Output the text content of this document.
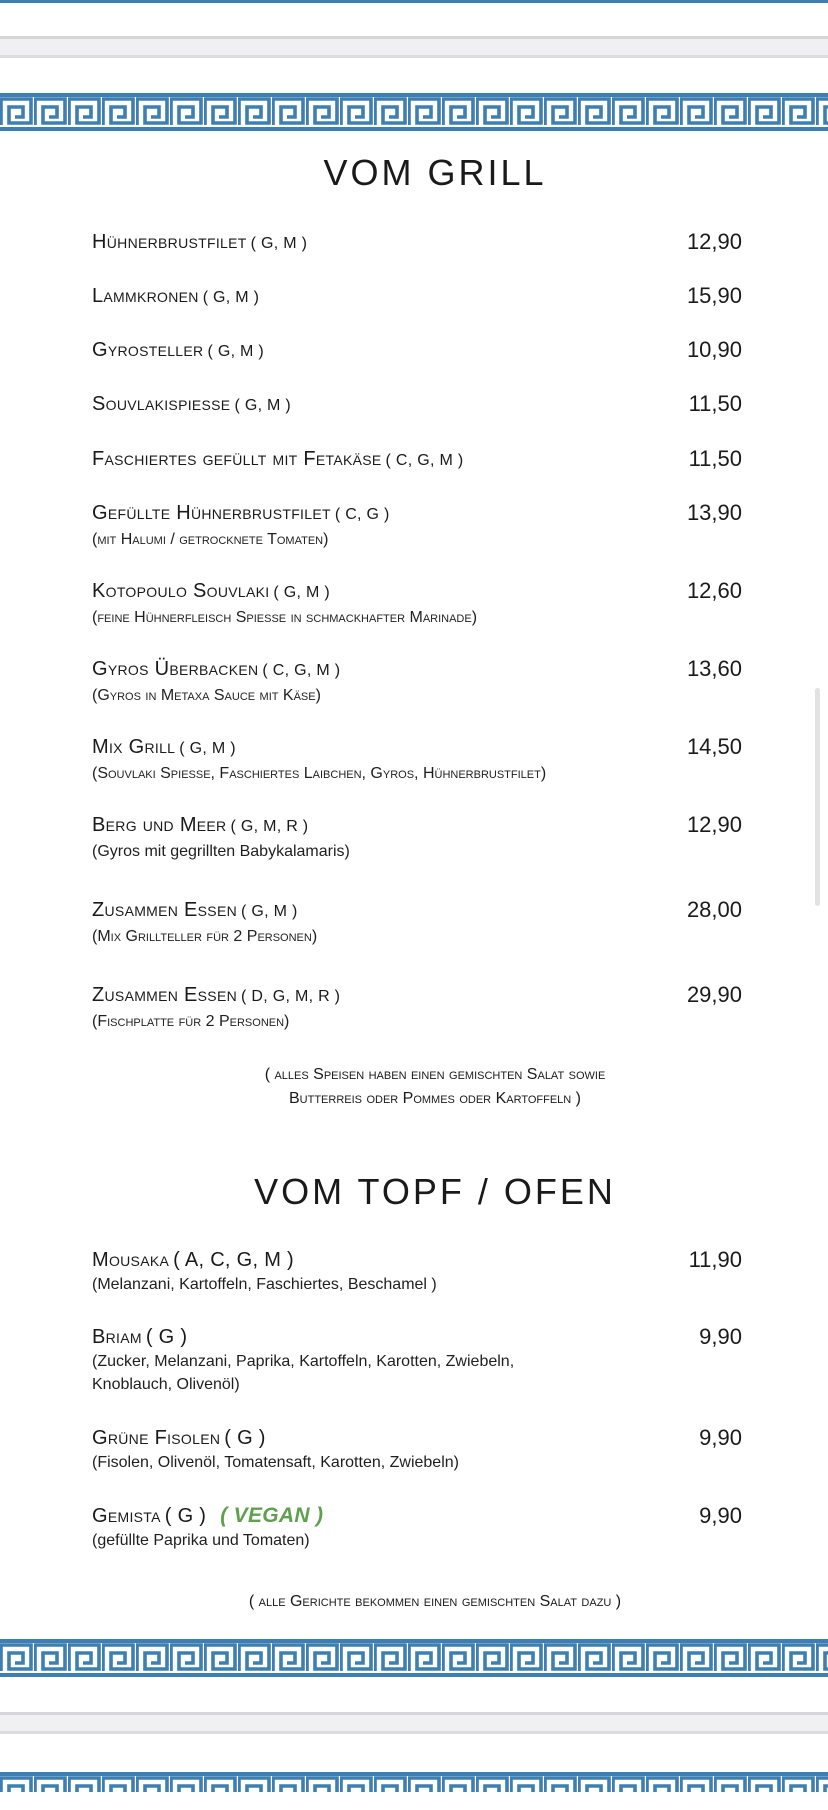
VOM GRILL
Hühnerbrustfilet ( G, M )	12,90
Lammkronen ( G, M )	15,90
Gyrosteller ( G, M )	10,90
Souvlakispiesse ( G, M )	11,50
Faschiertes gefüllt mit Fetakäse ( C, G, M )	11,50
Gefüllte Hühnerbrustfilet ( C, G )
(mit Halumi / getrocknete Tomaten)
13,90
Kotopoulo Souvlaki ( G, M )
(feine Hühnerfleisch Spiesse in schmackhafter Marinade)
12,60
Gyros Überbacken ( C, G, M )
(Gyros in Metaxa Sauce mit Käse)
13,60
Mix Grill ( G, M )
(Souvlaki Spiesse, Faschiertes Laibchen, Gyros, Hühnerbrustfilet)
14,50
Berg und Meer ( G, M, R )
(Gyros mit gegrillten Babykalamaris)
12,90
Zusammen Essen ( G, M )
(Mix Grillteller für 2 Personen)
28,00
Zusammen Essen ( D, G, M, R )
(Fischplatte für 2 Personen)
29,90
( alles Speisen haben einen gemischten Salat sowie
Butterreis oder Pommes oder Kartoffeln )
VOM TOPF / OFEN
Mousaka ( A, C, G, M )
(Melanzani, Kartoffeln, Faschiertes, Beschamel )
11,90
Briam ( G )
(Zucker, Melanzani, Paprika, Kartoffeln, Karotten, Zwiebeln,
Knoblauch, Olivenöl)
9,90
Grüne Fisolen ( G )
(Fisolen, Olivenöl, Tomatensaft, Karotten, Zwiebeln)
9,90
Gemista ( G ) ( VEGAN )
(gefüllte Paprika und Tomaten)
9,90
( alle Gerichte bekommen einen gemischten Salat dazu )
